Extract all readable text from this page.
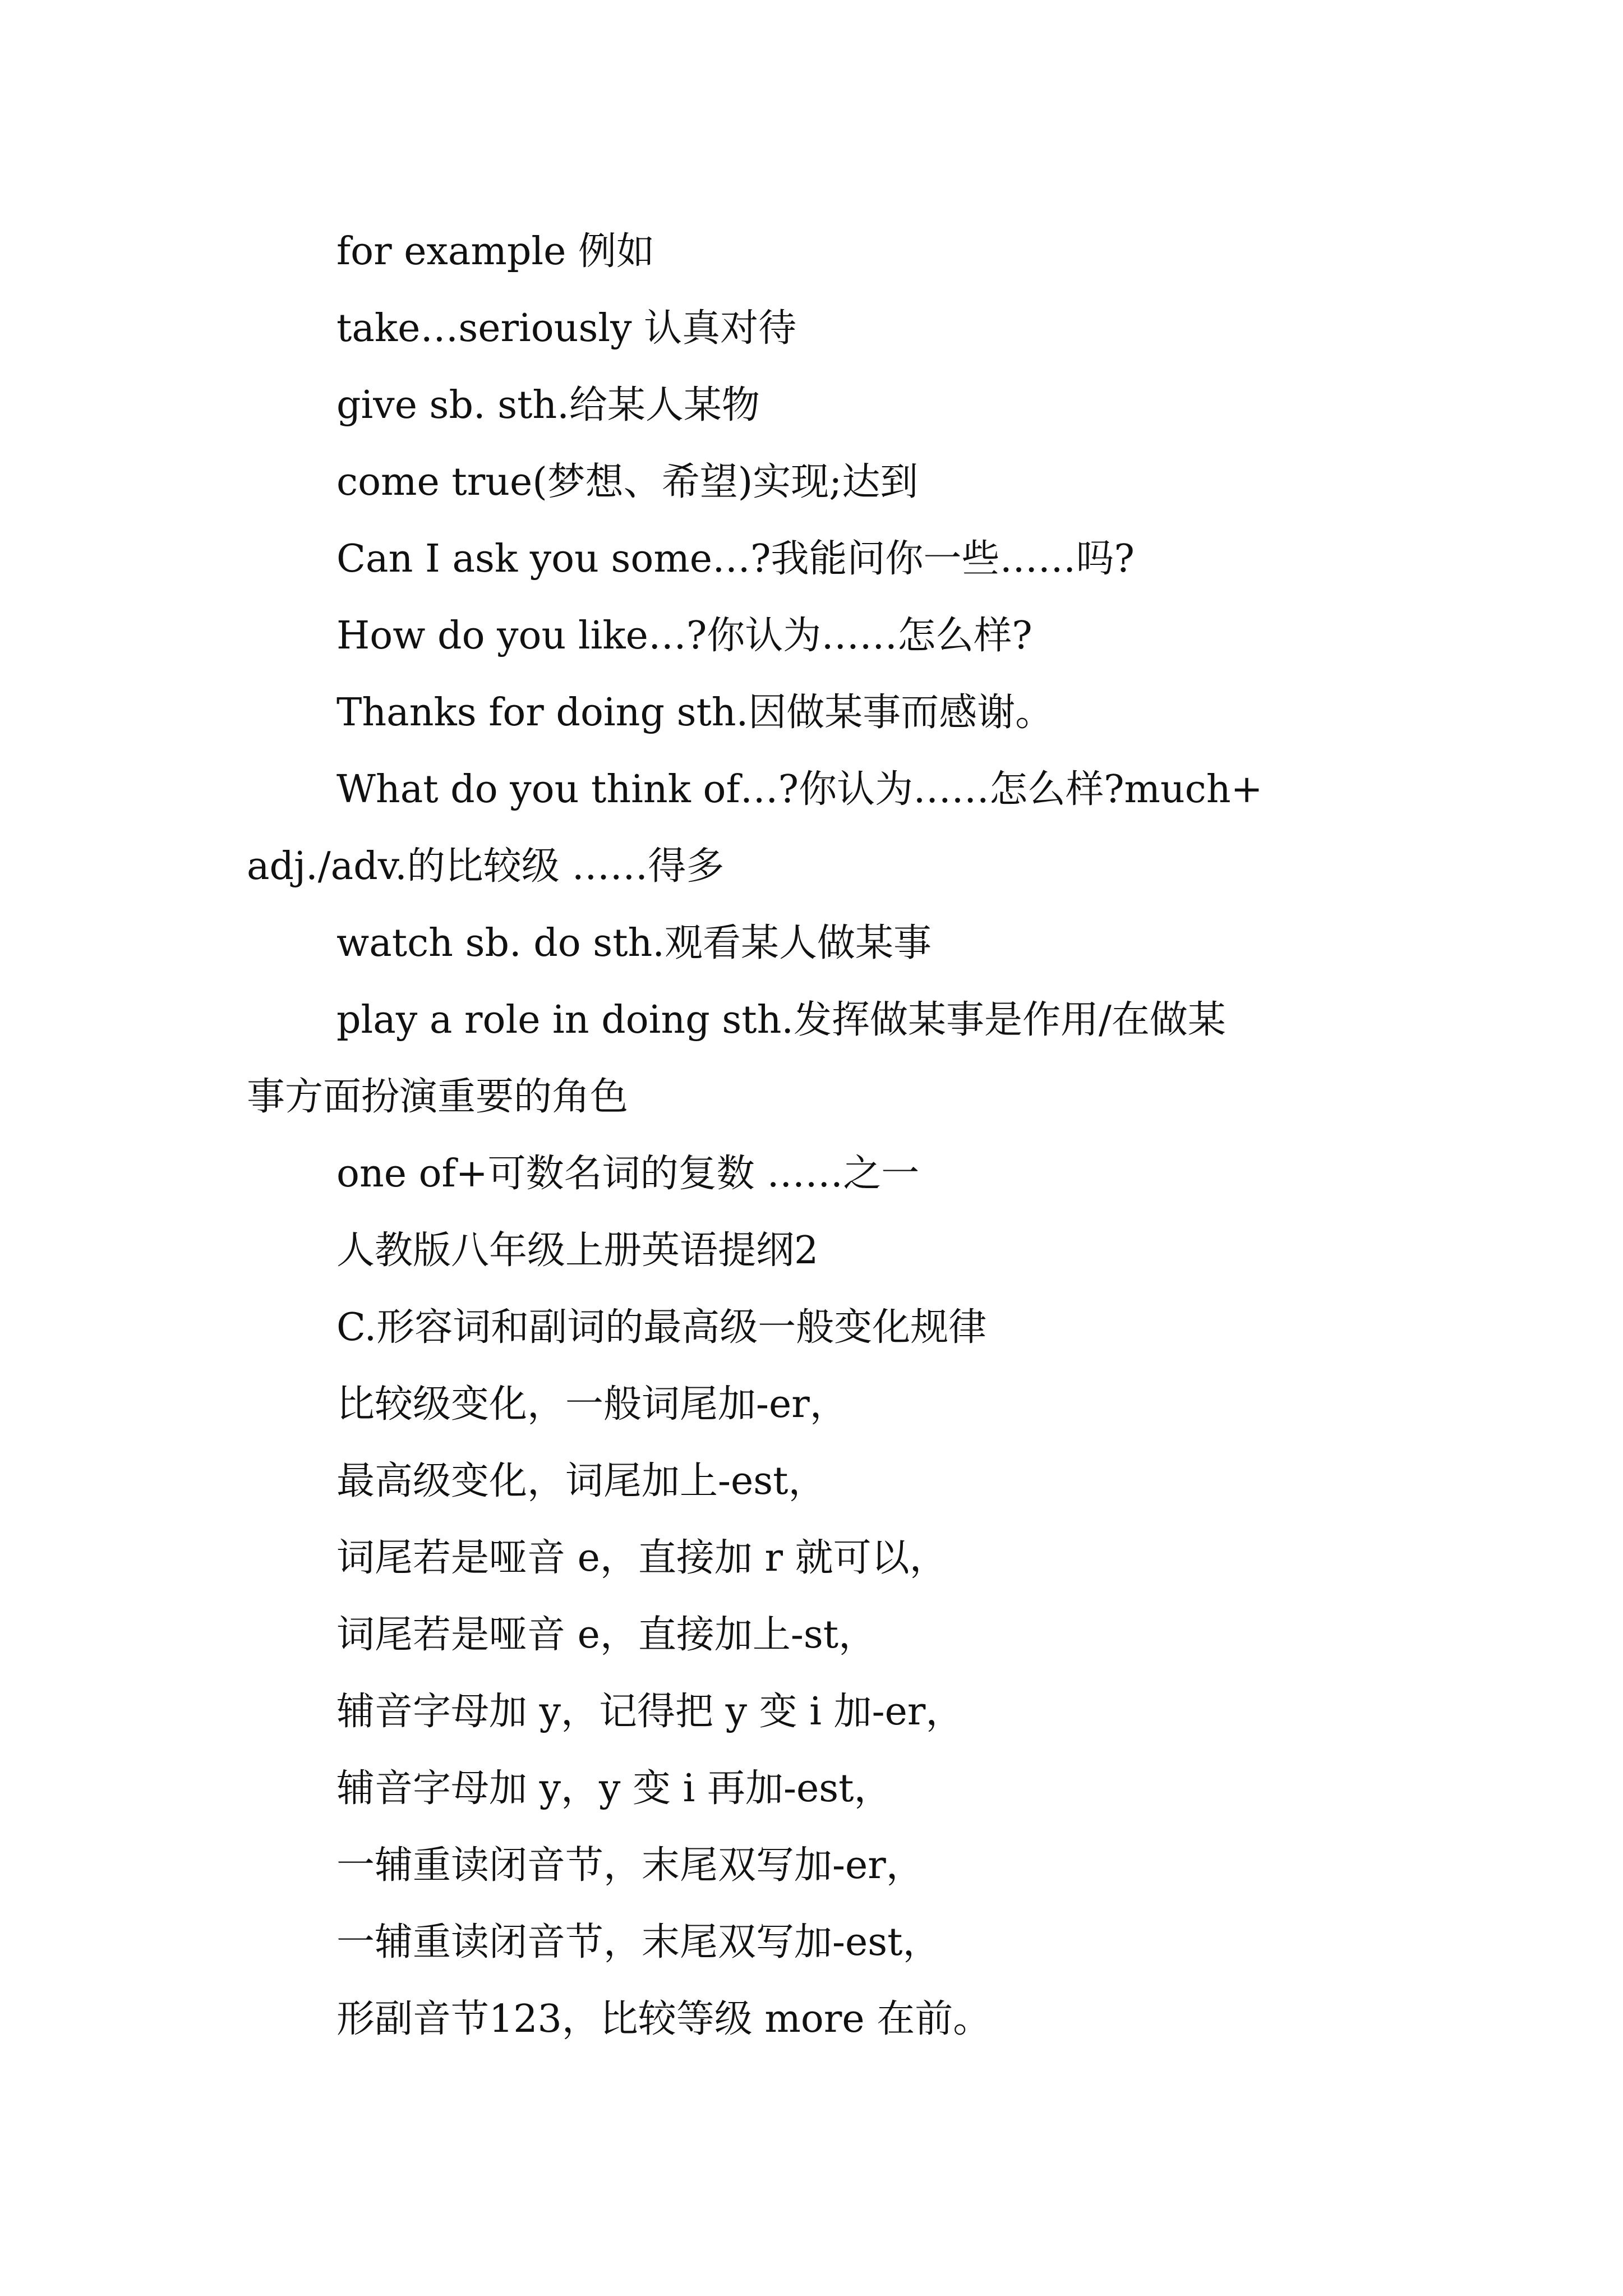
for example 例如

take…seriously 认真对待

give sb. sth.给某人某物

come true(梦想、希望)实现;达到

Can I ask you some…?我能问你一些……吗?

How do you like…?你认为……怎么样?

Thanks for doing sth.因做某事而感谢。

What do you think of…?你认为……怎么样?much+

adj./adv.的比较级 ……得多

watch sb. do sth.观看某人做某事

play a role in doing sth.发挥做某事是作用/在做某

事方面扮演重要的角色

one of+可数名词的复数 ……之一

人教版八年级上册英语提纲2

C.形容词和副词的最高级一般变化规律

比较级变化，一般词尾加-er，

最高级变化，词尾加上-est，

词尾若是哑音 e，直接加 r 就可以，

词尾若是哑音 e，直接加上-st，

辅音字母加 y，记得把 y 变 i 加-er，

辅音字母加 y，y 变 i 再加-est，

一辅重读闭音节，末尾双写加-er，

一辅重读闭音节，末尾双写加-est，

形副音节123，比较等级 more 在前。
